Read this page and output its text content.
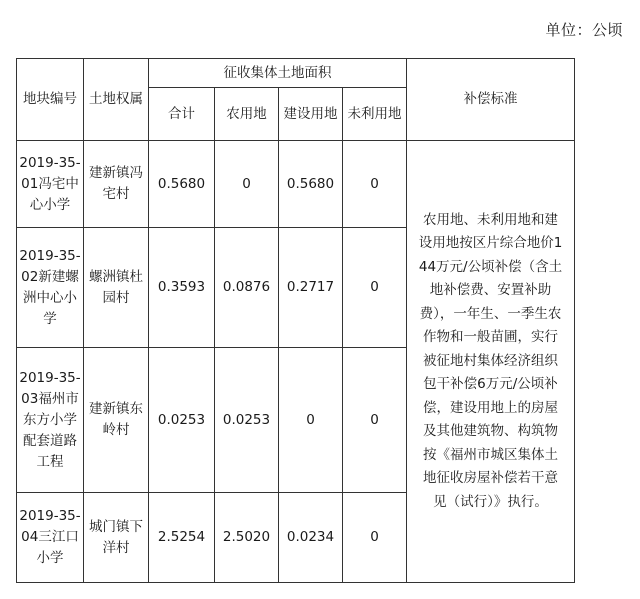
单位：公顷
地块编号	土地权属	征收集体土地面积				补偿标准
		合计	农用地	建设用地	未利用地	

2019-35-01冯宅中心小学	建新镇冯宅村	0.5680	0	0.5680	0	农用地、未利用地和建设用地按区片综合地价144万元/公顷补偿（含土地补偿费、安置补助费），一年生、一季生农作物和一般苗圃，实行被征地村集体经济组织包干补偿6万元/公顷补偿，建设用地上的房屋及其他建筑物、构筑物按《福州市城区集体土地征收房屋补偿若干意见（试行）》执行。

2019-35-02新建螺洲中心小学	螺洲镇杜园村	0.3593	0.0876	0.2717	0	

2019-35-03福州市东方小学配套道路工程	建新镇东岭村	0.0253	0.0253	0	0	

2019-35-04三江口小学	城门镇下洋村	2.5254	2.5020	0.0234	0	
